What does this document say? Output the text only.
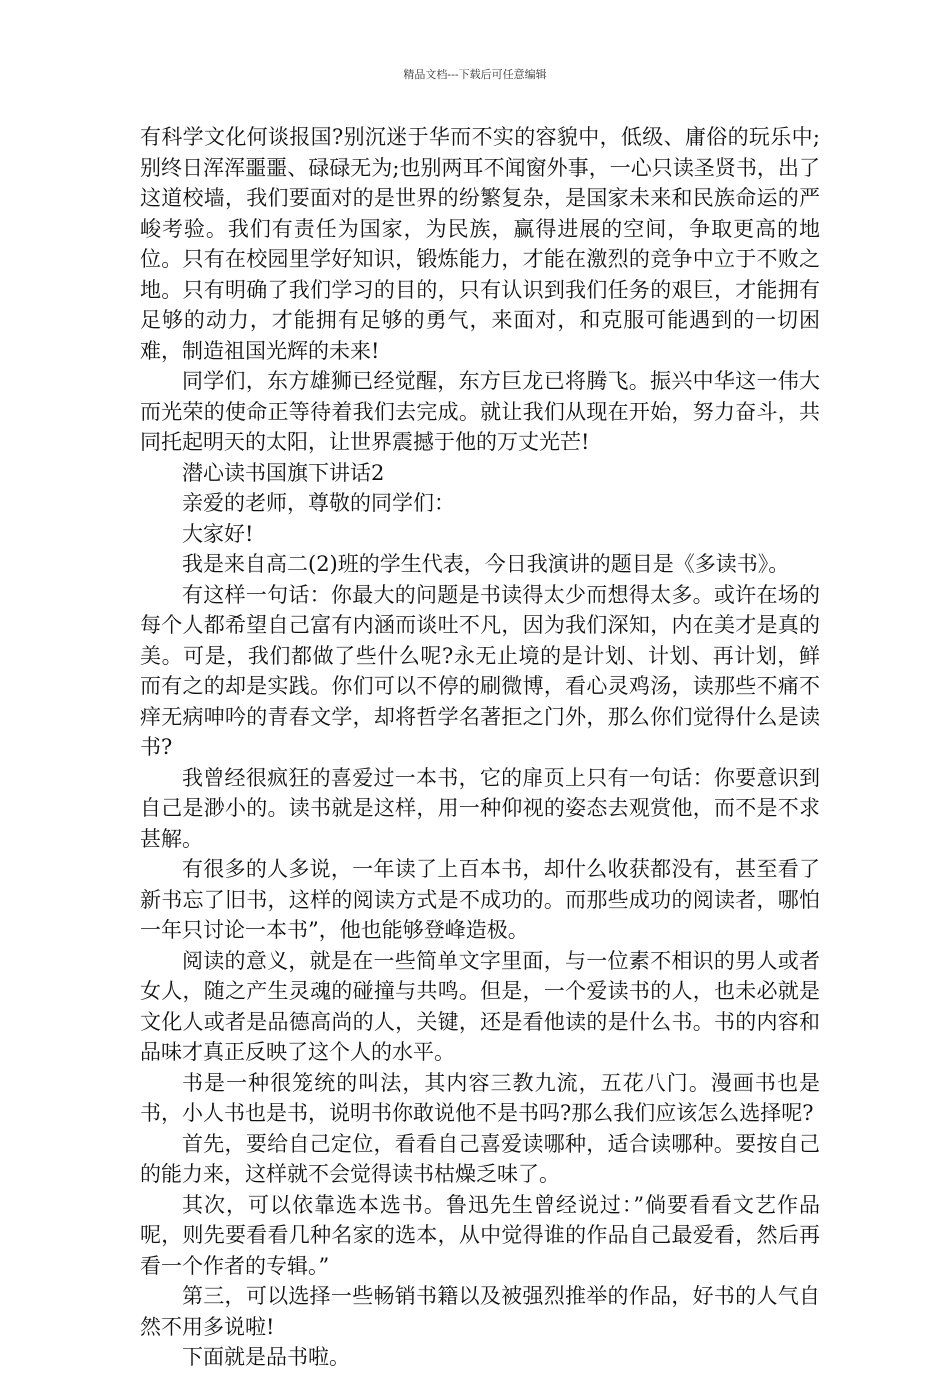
精品文档---下载后可任意编辑

有科学文化何谈报国?别沉迷于华而不实的容貌中，低级、庸俗的玩乐中;别终日浑浑噩噩、碌碌无为;也别两耳不闻窗外事，一心只读圣贤书，出了这道校墙，我们要面对的是世界的纷繁复杂，是国家未来和民族命运的严峻考验。我们有责任为国家，为民族，赢得进展的空间，争取更高的地位。只有在校园里学好知识，锻炼能力，才能在激烈的竞争中立于不败之地。只有明确了我们学习的目的，只有认识到我们任务的艰巨，才能拥有足够的动力，才能拥有足够的勇气，来面对，和克服可能遇到的一切困难，制造祖国光辉的未来!

同学们，东方雄狮已经觉醒，东方巨龙已将腾飞。振兴中华这一伟大而光荣的使命正等待着我们去完成。就让我们从现在开始，努力奋斗，共同托起明天的太阳，让世界震撼于他的万丈光芒!

潜心读书国旗下讲话2

亲爱的老师，尊敬的同学们：

大家好!

我是来自高二(2)班的学生代表，今日我演讲的题目是《多读书》。

有这样一句话：你最大的问题是书读得太少而想得太多。或许在场的每个人都希望自己富有内涵而谈吐不凡，因为我们深知，内在美才是真的美。可是，我们都做了些什么呢?永无止境的是计划、计划、再计划，鲜而有之的却是实践。你们可以不停的刷微博，看心灵鸡汤，读那些不痛不痒无病呻吟的青春文学，却将哲学名著拒之门外，那么你们觉得什么是读书?

我曾经很疯狂的喜爱过一本书，它的扉页上只有一句话：你要意识到自己是渺小的。读书就是这样，用一种仰视的姿态去观赏他，而不是不求甚解。

有很多的人多说，一年读了上百本书，却什么收获都没有，甚至看了新书忘了旧书，这样的阅读方式是不成功的。而那些成功的阅读者，哪怕一年只讨论一本书”，他也能够登峰造极。

阅读的意义，就是在一些简单文字里面，与一位素不相识的男人或者女人，随之产生灵魂的碰撞与共鸣。但是，一个爱读书的人，也未必就是文化人或者是品德高尚的人，关键，还是看他读的是什么书。书的内容和品味才真正反映了这个人的水平。

书是一种很笼统的叫法，其内容三教九流，五花八门。漫画书也是书，小人书也是书，说明书你敢说他不是书吗?那么我们应该怎么选择呢?

首先，要给自己定位，看看自己喜爱读哪种，适合读哪种。要按自己的能力来，这样就不会觉得读书枯燥乏味了。

其次，可以依靠选本选书。鲁迅先生曾经说过：”倘要看看文艺作品呢，则先要看看几种名家的选本，从中觉得谁的作品自己最爱看，然后再看一个作者的专辑。”

第三，可以选择一些畅销书籍以及被强烈推举的作品，好书的人气自然不用多说啦!

下面就是品书啦。
